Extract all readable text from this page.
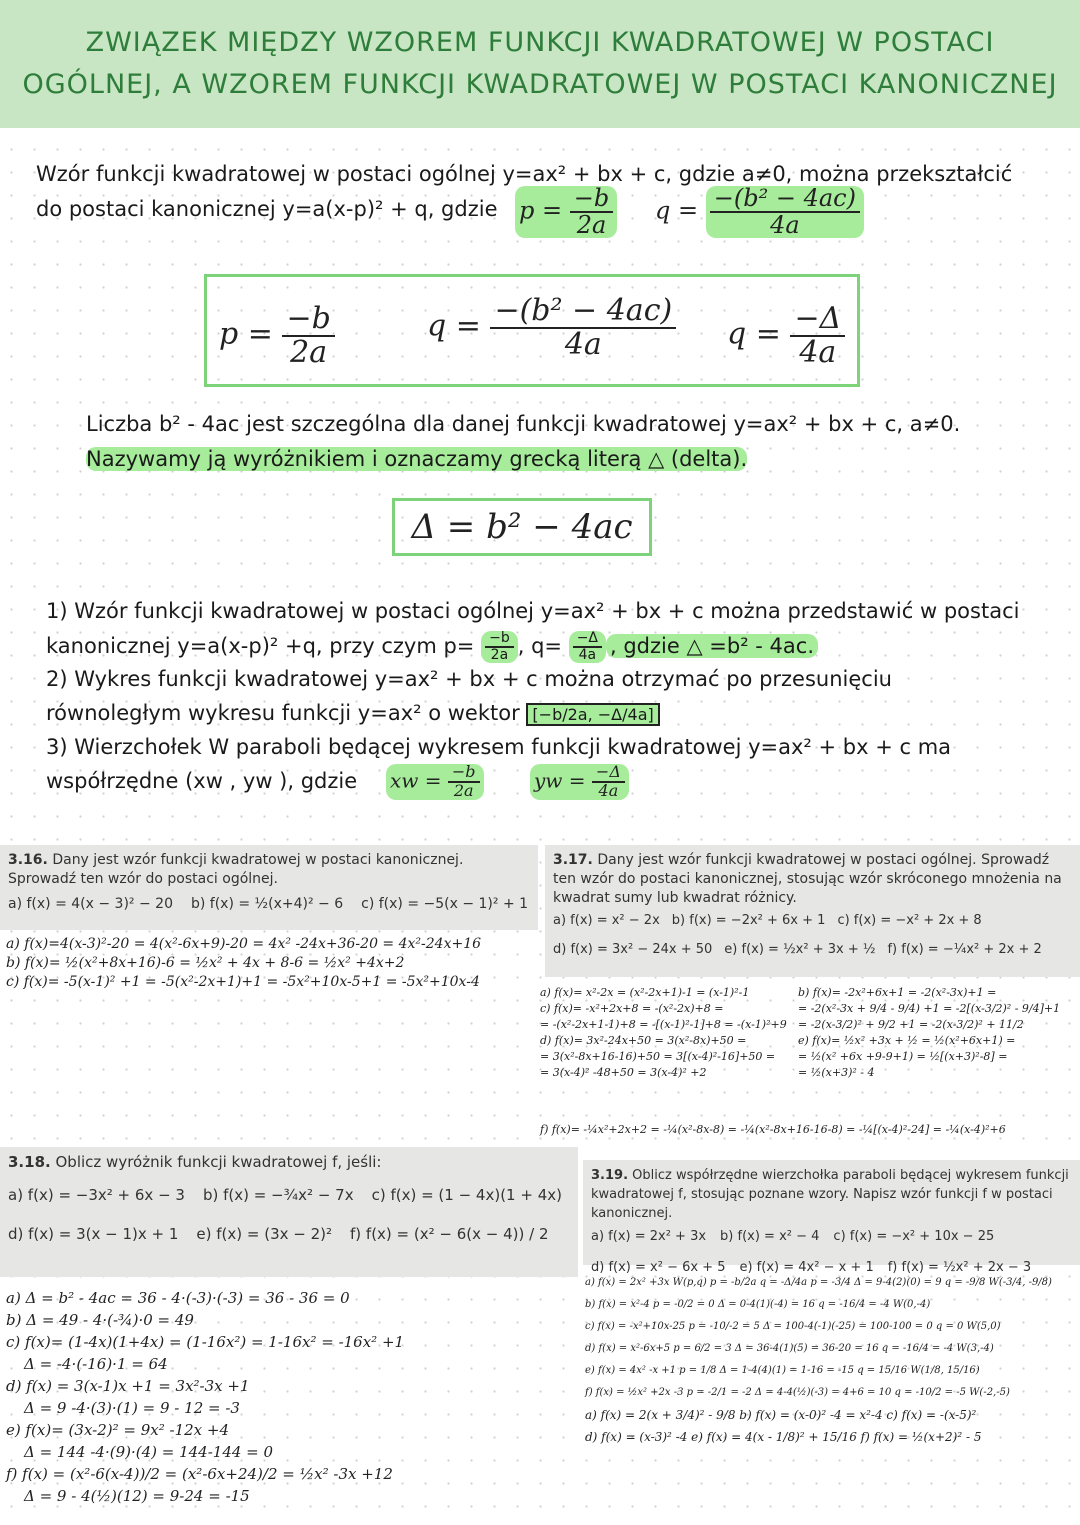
ZWIĄZEK MIĘDZY WZOREM FUNKCJI KWADRATOWEJ W POSTACI
OGÓLNEJ, A WZOREM FUNKCJI KWADRATOWEJ W POSTACI KANONICZNEJ
Wzór funkcji kwadratowej w postaci ogólnej y=ax² + bx + c, gdzie a≠0, można przekształcić
do postaci kanonicznej y=a(x-p)² + q, gdzie $p = \frac{-b}{2a}$ $q = \frac{\text{−(b² − 4ac)}}{4a}$
$p = \frac{-b}{2a}$	$q = \frac{\text{−(b² − 4ac)}}{4a}$ $q = \frac{-\Delta}{4a}$
Liczba b² - 4ac jest szczególna dla danej funkcji kwadratowej y=ax² + bx + c, a≠0.
Nazywamy ją wyróżnikiem i oznaczamy grecką literą △ (delta).
Δ = b² − 4ac
1) Wzór funkcji kwadratowej w postaci ogólnej y=ax² + bx + c można przedstawić w postaci
kanonicznej y=a(x-p)² +q, przy czym $p= \frac{-b}{2a}$ , $q= \frac{-\Delta}{4a}$ , gdzie △ =b² - 4ac.
2) Wykres funkcji kwadratowej y=ax² + bx + c można otrzymać po przesunięciu
równoległym wykresu funkcji y=ax² o wektor [−b/2a, −Δ/4a]
3) Wierzchołek W paraboli będącej wykresem funkcji kwadratowej y=ax² + bx + c ma
współrzędne (xw , yw ), gdzie xw = $\frac{-b}{2a}$	yw = $\frac{-\Delta}{4a}$
3.16. Dany jest wzór funkcji kwadratowej w postaci kanonicznej. Sprowadź ten wzór do postaci ogólnej.
a) f(x) = 4(x − 3)² − 20 b) f(x) = ½(x+4)² − 6 c) f(x) = −5(x − 1)² + 1
a) f(x)=4(x-3)²-20 = 4(x²-6x+9)-20 = 4x² -24x+36-20 = 4x²-24x+16
b) f(x)= ½(x²+8x+16)-6 = ½x² + 4x + 8-6 = ½x² +4x+2
c) f(x)= -5(x-1)² +1 = -5(x²-2x+1)+1 = -5x²+10x-5+1 = -5x²+10x-4
3.17. Dany jest wzór funkcji kwadratowej w postaci ogólnej. Sprowadź ten wzór do postaci kanonicznej, stosując wzór skróconego mnożenia na kwadrat sumy lub kwadrat różnicy.
a) f(x) = x² − 2x b) f(x) = −2x² + 6x + 1 c) f(x) = −x² + 2x + 8
d) f(x) = 3x² − 24x + 50 e) f(x) = ½x² + 3x + ½ f) f(x) = −¼x² + 2x + 2
a) f(x)= x²-2x = (x²-2x+1)-1 = (x-1)²-1
c) f(x)= -x²+2x+8 = -(x²-2x)+8 =
= -(x²-2x+1-1)+8 = -[(x-1)²-1]+8 = -(x-1)²+9
d) f(x)= 3x²-24x+50 = 3(x²-8x)+50 =
= 3(x²-8x+16-16)+50 = 3[(x-4)²-16]+50 =
= 3(x-4)² -48+50 = 3(x-4)² +2
b) f(x)= -2x²+6x+1 = -2(x²-3x)+1 =
= -2(x²-3x + 9/4 - 9/4) +1 = -2[(x-3/2)² - 9/4]+1
= -2(x-3/2)² + 9/2 +1 = -2(x-3/2)² + 11/2
e) f(x)= ½x² +3x + ½ = ½(x²+6x+1) =
= ½(x² +6x +9-9+1) = ½[(x+3)²-8] =
= ½(x+3)² - 4
f) f(x)= -¼x²+2x+2 = -¼(x²-8x-8) = -¼(x²-8x+16-16-8) = -¼[(x-4)²-24] = -¼(x-4)²+6
3.18. Oblicz wyróżnik funkcji kwadratowej f, jeśli:
a) f(x) = −3x² + 6x − 3 b) f(x) = −¾x² − 7x c) f(x) = (1 − 4x)(1 + 4x)
d) f(x) = 3(x − 1)x + 1 e) f(x) = (3x − 2)² f) f(x) = (x² − 6(x − 4)) / 2
a) Δ = b² - 4ac = 36 - 4·(-3)·(-3) = 36 - 36 = 0
b) Δ = 49 - 4·(-¾)·0 = 49
c) f(x)= (1-4x)(1+4x) = (1-16x²) = 1-16x² = -16x² +1
Δ = -4·(-16)·1 = 64
d) f(x) = 3(x-1)x +1 = 3x²-3x +1
Δ = 9 -4·(3)·(1) = 9 - 12 = -3
e) f(x)= (3x-2)² = 9x² -12x +4
Δ = 144 -4·(9)·(4) = 144-144 = 0
f) f(x) = (x²-6(x-4))/2 = (x²-6x+24)/2 = ½x² -3x +12
Δ = 9 - 4(½)(12) = 9-24 = -15
3.19. Oblicz współrzędne wierzchołka paraboli będącej wykresem funkcji kwadratowej f, stosując poznane wzory. Napisz wzór funkcji f w postaci kanonicznej.
a) f(x) = 2x² + 3x b) f(x) = x² − 4 c) f(x) = −x² + 10x − 25
d) f(x) = x² − 6x + 5 e) f(x) = 4x² − x + 1 f) f(x) = ½x² + 2x − 3
a) f(x) = 2x² +3x W(p,q) p = -b/2a q = -Δ/4a p = -3/4 Δ = 9-4(2)(0) = 9 q = -9/8 W(-3/4, -9/8)
b) f(x) = x²-4 p = -0/2 = 0 Δ = 0-4(1)(-4) = 16 q = -16/4 = -4 W(0,-4)
c) f(x) = -x²+10x-25 p = -10/-2 = 5 Δ = 100-4(-1)(-25) = 100-100 = 0 q = 0 W(5,0)
d) f(x) = x²-6x+5 p = 6/2 = 3 Δ = 36-4(1)(5) = 36-20 = 16 q = -16/4 = -4 W(3,-4)
e) f(x) = 4x² -x +1 p = 1/8 Δ = 1-4(4)(1) = 1-16 = -15 q = 15/16 W(1/8, 15/16)
f) f(x) = ½x² +2x -3 p = -2/1 = -2 Δ = 4-4(½)(-3) = 4+6 = 10 q = -10/2 = -5 W(-2,-5)
a) f(x) = 2(x + 3/4)² - 9/8 b) f(x) = (x-0)² -4 = x²-4 c) f(x) = -(x-5)²
d) f(x) = (x-3)² -4 e) f(x) = 4(x - 1/8)² + 15/16 f) f(x) = ½(x+2)² - 5
